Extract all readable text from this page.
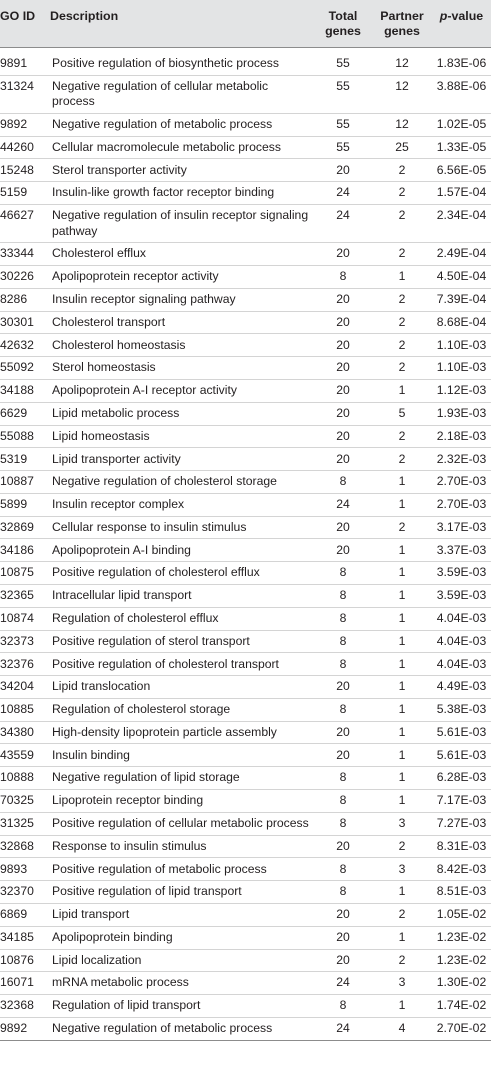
GO ID	Description	Total genes	Partner genes	p-value
9891	Positive regulation of biosynthetic process	55	12	1.83E-06
31324	Negative regulation of cellular metabolic process	55	12	3.88E-06
9892	Negative regulation of metabolic process	55	12	1.02E-05
44260	Cellular macromolecule metabolic process	55	25	1.33E-05
15248	Sterol transporter activity	20	2	6.56E-05
5159	Insulin-like growth factor receptor binding	24	2	1.57E-04
46627	Negative regulation of insulin receptor signaling pathway	24	2	2.34E-04
33344	Cholesterol efflux	20	2	2.49E-04
30226	Apolipoprotein receptor activity	8	1	4.50E-04
8286	Insulin receptor signaling pathway	20	2	7.39E-04
30301	Cholesterol transport	20	2	8.68E-04
42632	Cholesterol homeostasis	20	2	1.10E-03
55092	Sterol homeostasis	20	2	1.10E-03
34188	Apolipoprotein A-I receptor activity	20	1	1.12E-03
6629	Lipid metabolic process	20	5	1.93E-03
55088	Lipid homeostasis	20	2	2.18E-03
5319	Lipid transporter activity	20	2	2.32E-03
10887	Negative regulation of cholesterol storage	8	1	2.70E-03
5899	Insulin receptor complex	24	1	2.70E-03
32869	Cellular response to insulin stimulus	20	2	3.17E-03
34186	Apolipoprotein A-I binding	20	1	3.37E-03
10875	Positive regulation of cholesterol efflux	8	1	3.59E-03
32365	Intracellular lipid transport	8	1	3.59E-03
10874	Regulation of cholesterol efflux	8	1	4.04E-03
32373	Positive regulation of sterol transport	8	1	4.04E-03
32376	Positive regulation of cholesterol transport	8	1	4.04E-03
34204	Lipid translocation	20	1	4.49E-03
10885	Regulation of cholesterol storage	8	1	5.38E-03
34380	High-density lipoprotein particle assembly	20	1	5.61E-03
43559	Insulin binding	20	1	5.61E-03
10888	Negative regulation of lipid storage	8	1	6.28E-03
70325	Lipoprotein receptor binding	8	1	7.17E-03
31325	Positive regulation of cellular metabolic process	8	3	7.27E-03
32868	Response to insulin stimulus	20	2	8.31E-03
9893	Positive regulation of metabolic process	8	3	8.42E-03
32370	Positive regulation of lipid transport	8	1	8.51E-03
6869	Lipid transport	20	2	1.05E-02
34185	Apolipoprotein binding	20	1	1.23E-02
10876	Lipid localization	20	2	1.23E-02
16071	mRNA metabolic process	24	3	1.30E-02
32368	Regulation of lipid transport	8	1	1.74E-02
9892	Negative regulation of metabolic process	24	4	2.70E-02
